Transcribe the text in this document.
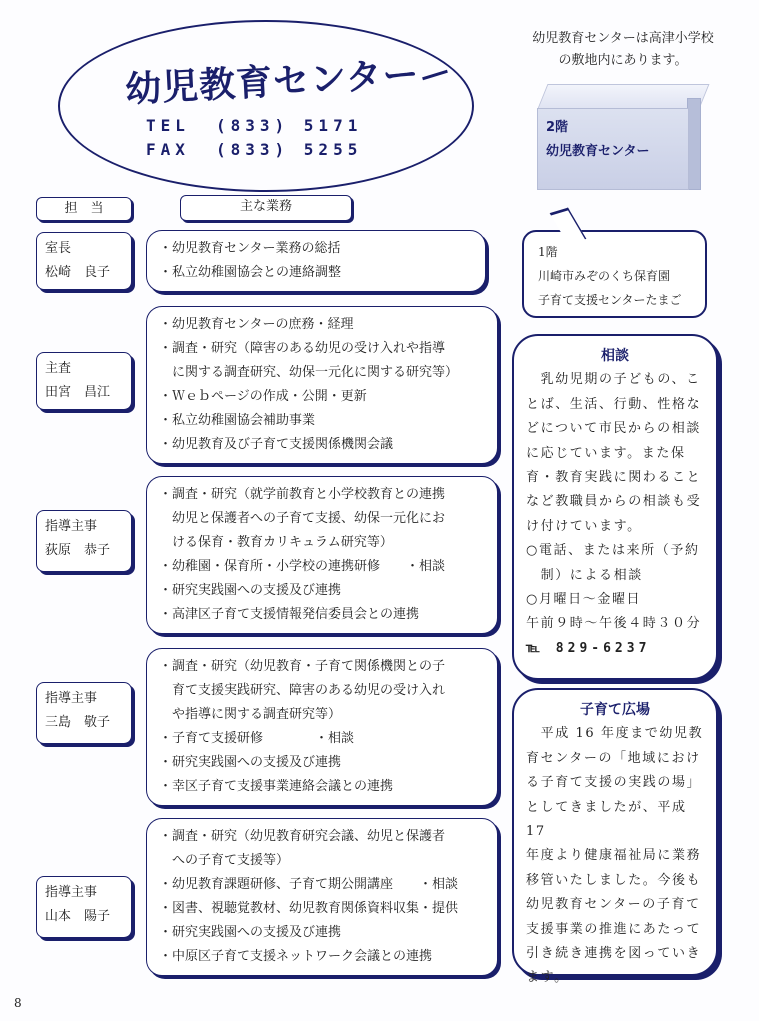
幼児教育センター
TEL (833) 5171
FAX (833) 5255
幼児教育センターは高津小学校の敷地内にあります。
2階
幼児教育センター
1階
川崎市みぞのくち保育園
子育て支援センターたまご
担　当	主な業務
室長
松崎　良子
・幼児教育センター業務の総括
・私立幼稚園協会との連絡調整
主査
田宮　昌江
・幼児教育センターの庶務・経理
・調査・研究（障害のある幼児の受け入れや指導
　に関する調査研究、幼保一元化に関する研究等）
・Ｗｅｂページの作成・公開・更新
・私立幼稚園協会補助事業
・幼児教育及び子育て支援関係機関会議
指導主事
荻原　恭子
・調査・研究（就学前教育と小学校教育との連携
　幼児と保護者への子育て支援、幼保一元化にお
　ける保育・教育カリキュラム研究等）
・幼稚園・保育所・小学校の連携研修　　・相談
・研究実践園への支援及び連携
・高津区子育て支援情報発信委員会との連携
指導主事
三島　敬子
・調査・研究（幼児教育・子育て関係機関との子
　育て支援実践研究、障害のある幼児の受け入れ
　や指導に関する調査研究等）
・子育て支援研修　　　　・相談
・研究実践園への支援及び連携
・幸区子育て支援事業連絡会議との連携
指導主事
山本　陽子
・調査・研究（幼児教育研究会議、幼児と保護者
　への子育て支援等）
・幼児教育課題研修、子育て期公開講座　　・相談
・図書、視聴覚教材、幼児教育関係資料収集・提供
・研究実践園への支援及び連携
・中原区子育て支援ネットワーク会議との連携
相談
　乳幼児期の子どもの、こ
とば、生活、行動、性格な
どについて市民からの相談
に応じています。また保
育・教育実践に関わること
など教職員からの相談も受
け付けています。
○電話、または来所（予約
　制）による相談
○月曜日～金曜日
午前９時～午後４時３０分
℡ 829-6237
子育て広場
　平成 16 年度まで幼児教
育センターの「地域におけ
る子育て支援の実践の場」
としてきましたが、平成17
年度より健康福祉局に業務
移管いたしました。今後も
幼児教育センターの子育て
支援事業の推進にあたって
引き続き連携を図っていき
ます。
8
